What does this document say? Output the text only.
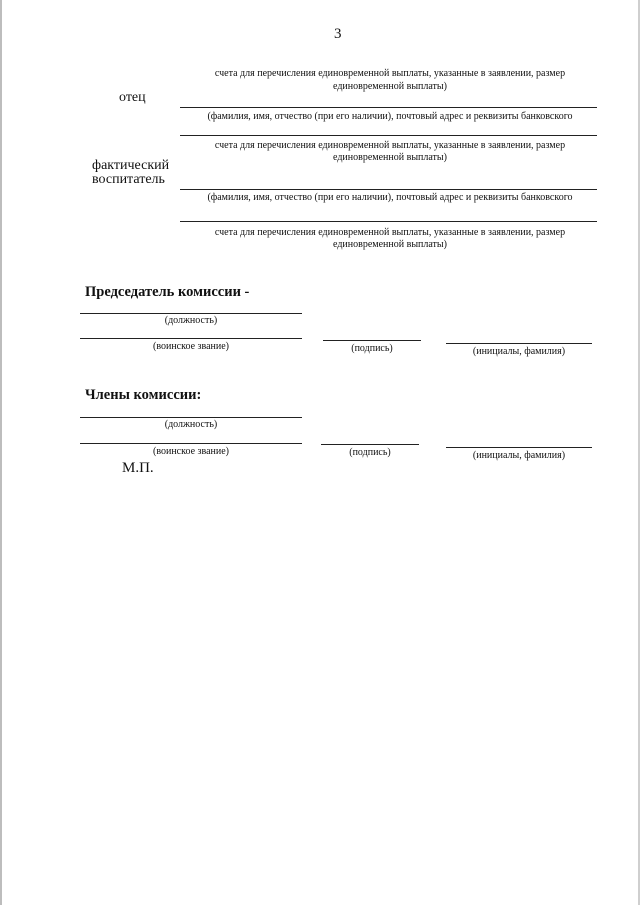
3
счета для перечисления единовременной выплаты, указанные в заявлении, размер
единовременной выплаты)
отец
(фамилия, имя, отчество (при его наличии), почтовый адрес и реквизиты банковского
счета для перечисления единовременной выплаты, указанные в заявлении, размер
единовременной выплаты)
фактический
воспитатель
(фамилия, имя, отчество (при его наличии), почтовый адрес и реквизиты банковского
счета для перечисления единовременной выплаты, указанные в заявлении, размер
единовременной выплаты)
Председатель комиссии -
(должность)
(воинское звание)	(подпись)	(инициалы, фамилия)
Члены комиссии:
(должность)
(воинское звание)	(подпись)	(инициалы, фамилия)
М.П.
